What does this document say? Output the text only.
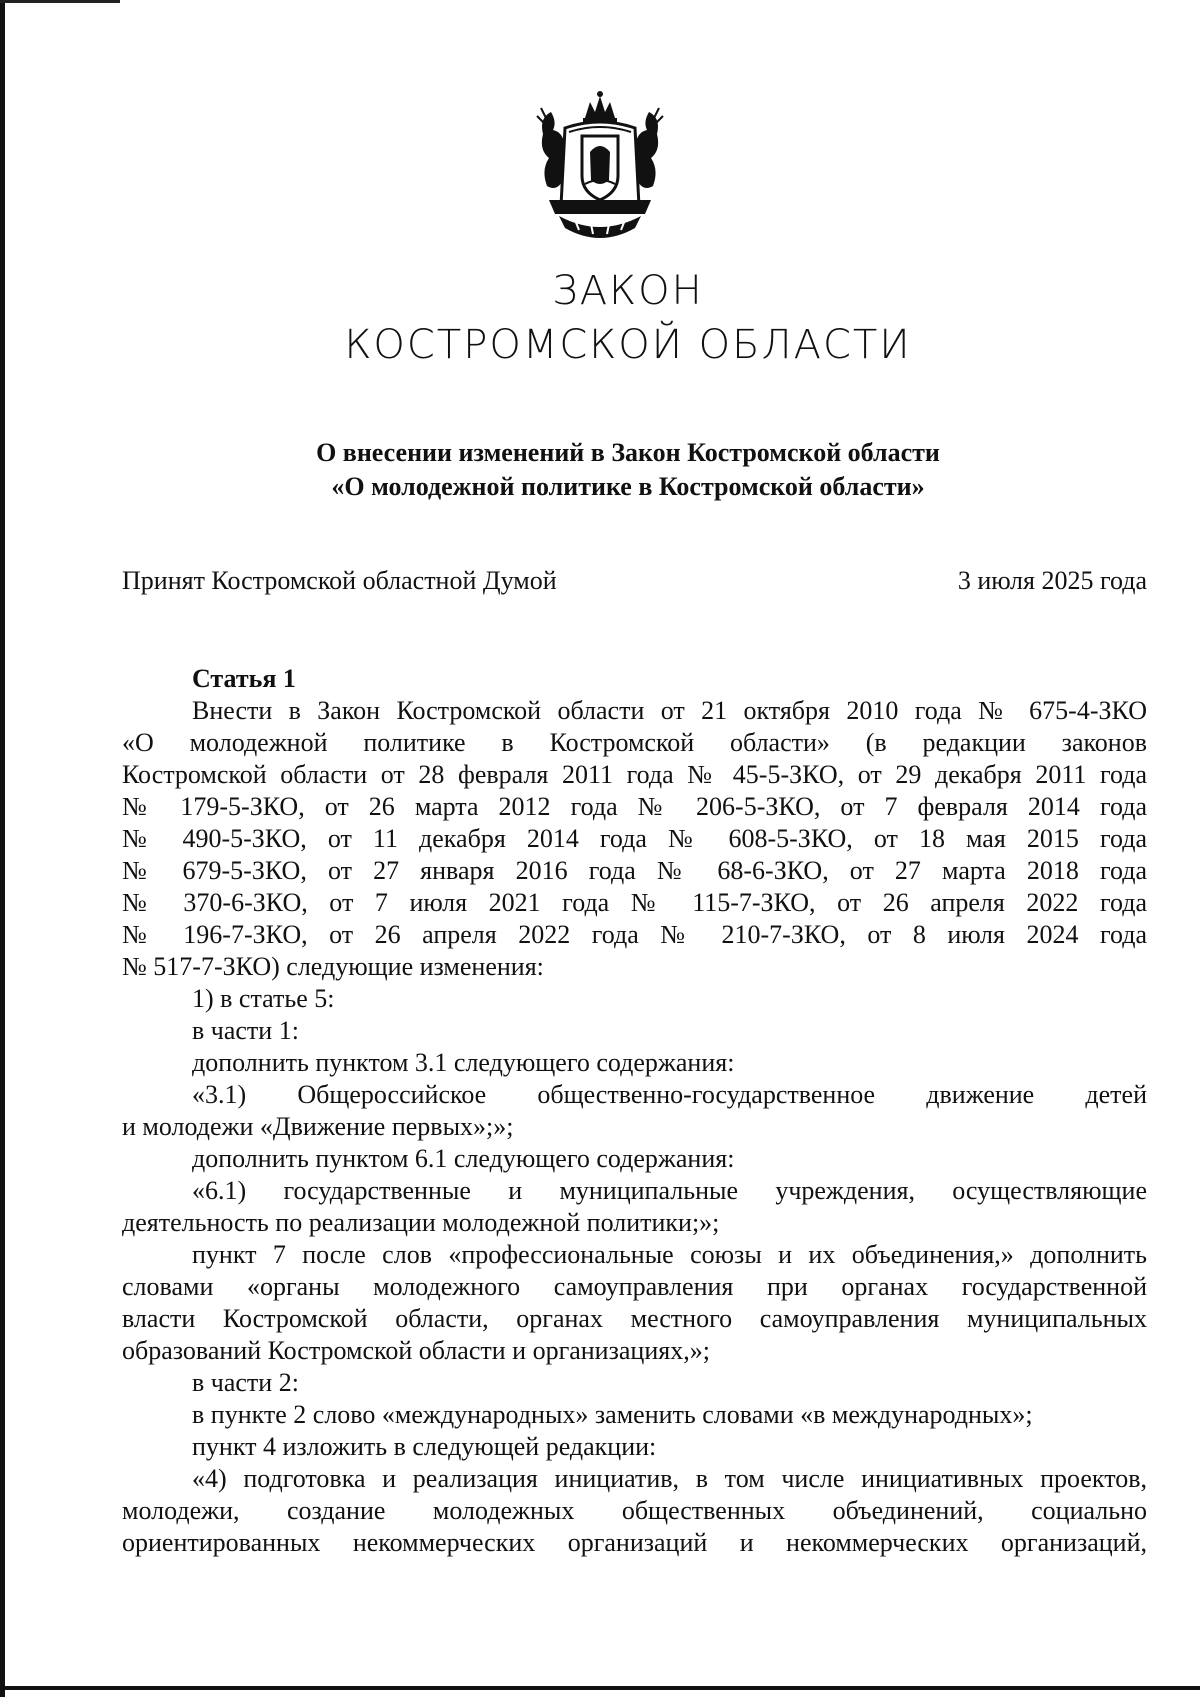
ЗАКОН
КОСТРОМСКОЙ ОБЛАСТИ
О внесении изменений в Закон Костромской области
«О молодежной политике в Костромской области»
Принят Костромской областной Думой	3 июля 2025 года

Статья 1

Внести в Закон Костромской области от 21 октября 2010 года № 675-4-ЗКО

«О молодежной политике в Костромской области» (в редакции законов

Костромской области от 28 февраля 2011 года № 45-5-ЗКО, от 29 декабря 2011 года

№ 179-5-ЗКО, от 26 марта 2012 года № 206-5-ЗКО, от 7 февраля 2014 года

№ 490-5-ЗКО, от 11 декабря 2014 года № 608-5-ЗКО, от 18 мая 2015 года

№ 679-5-ЗКО, от 27 января 2016 года № 68-6-ЗКО, от 27 марта 2018 года

№ 370-6-ЗКО, от 7 июля 2021 года № 115-7-ЗКО, от 26 апреля 2022 года

№ 196-7-ЗКО, от 26 апреля 2022 года № 210-7-ЗКО, от 8 июля 2024 года

№ 517-7-ЗКО) следующие изменения:

1) в статье 5:

в части 1:

дополнить пунктом 3.1 следующего содержания:

«3.1) Общероссийское общественно-государственное движение детей

и молодежи «Движение первых»;»;

дополнить пунктом 6.1 следующего содержания:

«6.1) государственные и муниципальные учреждения, осуществляющие

деятельность по реализации молодежной политики;»;

пункт 7 после слов «профессиональные союзы и их объединения,» дополнить

словами «органы молодежного самоуправления при органах государственной

власти Костромской области, органах местного самоуправления муниципальных

образований Костромской области и организациях,»;

в части 2:

в пункте 2 слово «международных» заменить словами «в международных»;

пункт 4 изложить в следующей редакции:

«4) подготовка и реализация инициатив, в том числе инициативных проектов,

молодежи, создание молодежных общественных объединений, социально

ориентированных некоммерческих организаций и некоммерческих организаций,
